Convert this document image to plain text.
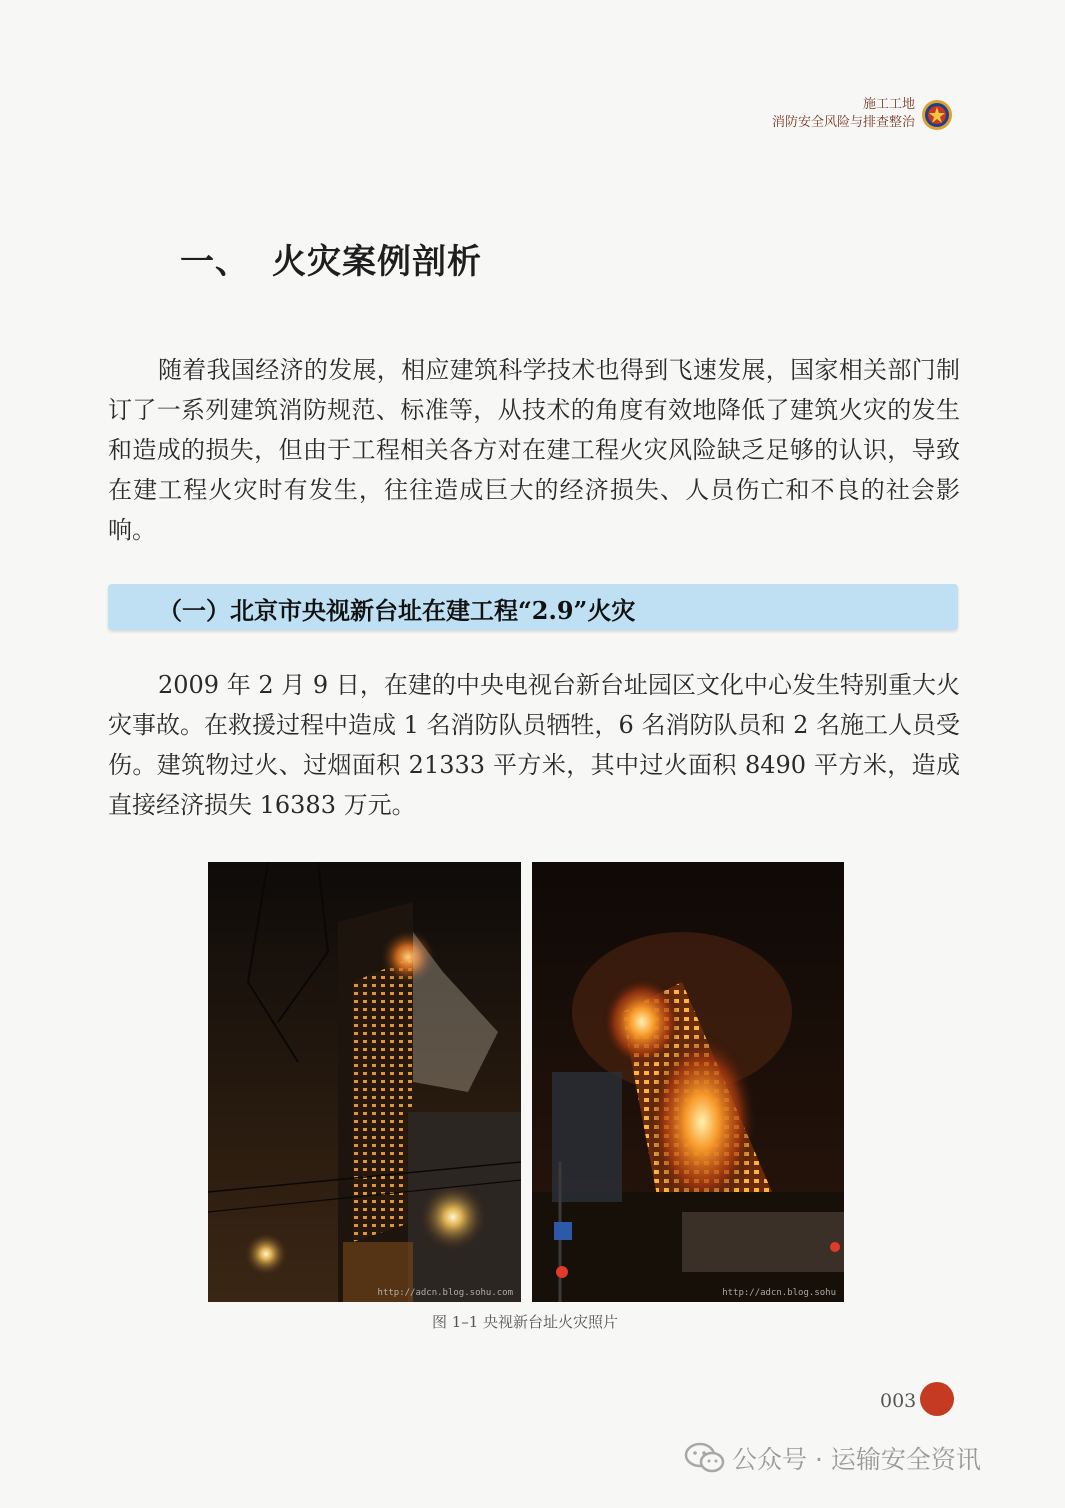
施工工地
消防安全风险与排查整治
一、 火灾案例剖析

随着我国经济的发展，相应建筑科学技术也得到飞速发展，国家相关部门制订了一系列建筑消防规范、标准等，从技术的角度有效地降低了建筑火灾的发生和造成的损失，但由于工程相关各方对在建工程火灾风险缺乏足够的认识，导致在建工程火灾时有发生，往往造成巨大的经济损失、人员伤亡和不良的社会影响。

（一）北京市央视新台址在建工程“2.9”火灾

2009 年 2 月 9 日，在建的中央电视台新台址园区文化中心发生特别重大火灾事故。在救援过程中造成 1 名消防队员牺牲，6 名消防队员和 2 名施工人员受伤。建筑物过火、过烟面积 21333 平方米，其中过火面积 8490 平方米，造成直接经济损失 16383 万元。

http://adcn.blog.sohu.com	http://adcn.blog.sohu
图 1–1 央视新台址火灾照片
003
公众号 · 运输安全资讯
